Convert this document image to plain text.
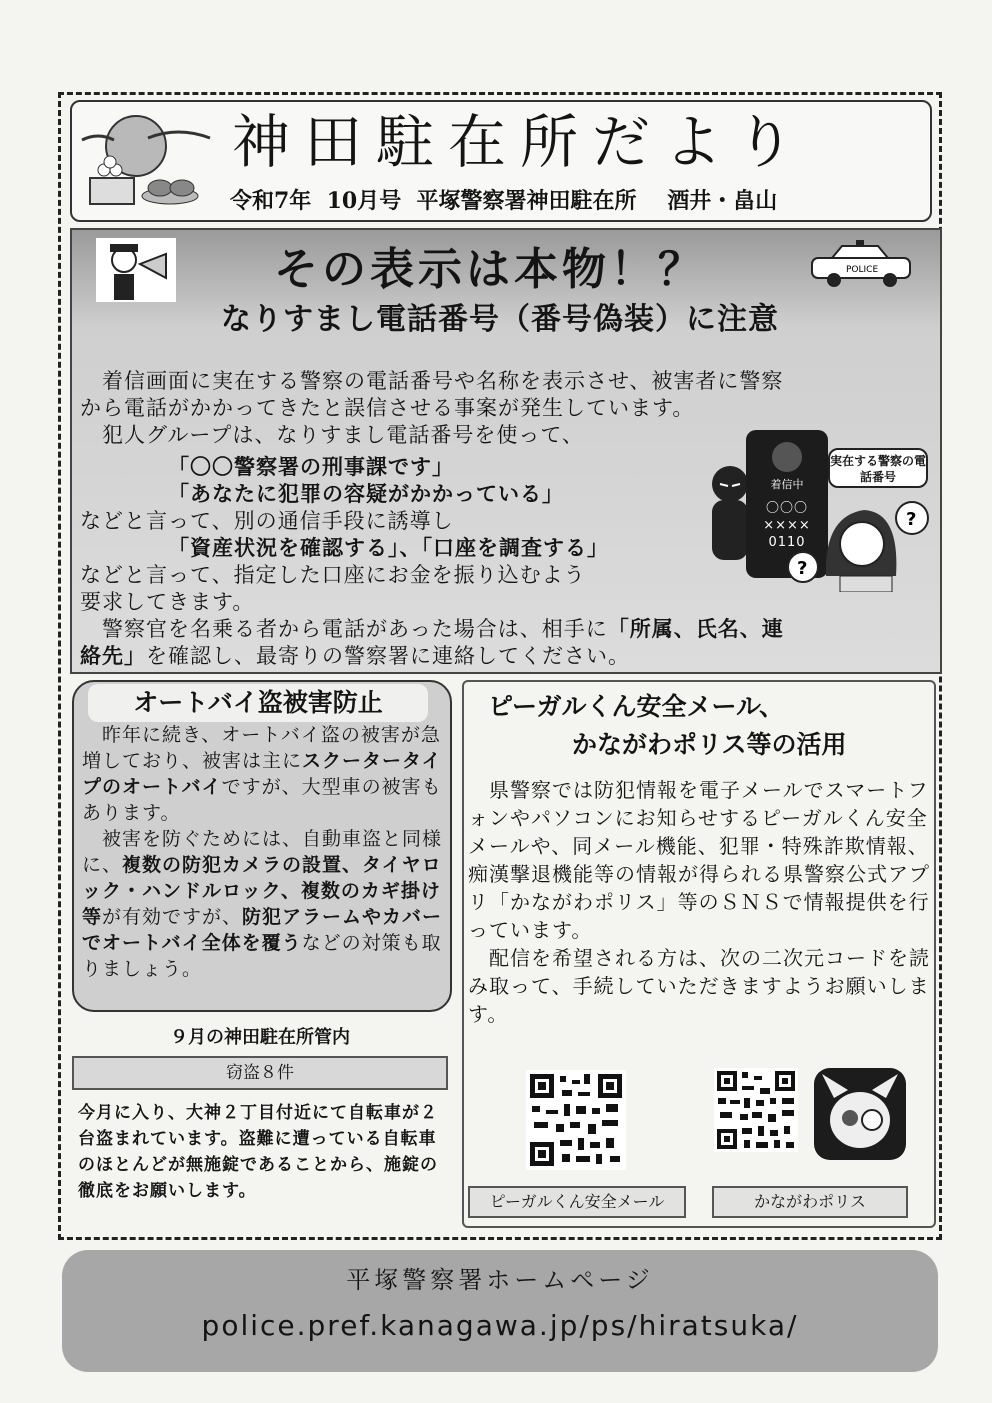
神田駐在所だより
令和7年  10月号  平塚警察署神田駐在所    酒井・畠山
POLICE
その表示は本物！？
なりすまし電話番号（番号偽装）に注意
　着信画面に実在する警察の電話番号や名称を表示させ、被害者に警察
から電話がかかってきたと誤信させる事案が発生しています。
　犯人グループは、なりすまし電話番号を使って、
「〇〇警察署の刑事課です」
「あなたに犯罪の容疑がかかっている」
などと言って、別の通信手段に誘導し
「資産状況を確認する」、「口座を調査する」
などと言って、指定した口座にお金を振り込むよう
要求してきます。
　警察官を名乗る者から電話があった場合は、相手に「所属、氏名、連
絡先」を確認し、最寄りの警察署に連絡してください。
着信中
〇〇〇
××××
0110
実在する警察の電話番号
?
?
オートバイ盗被害防止

　昨年に続き、オートバイ盗の被害が急増しており、被害は主にスクータータイプのオートバイですが、大型車の被害もあります。

　被害を防ぐためには、自動車盗と同様に、複数の防犯カメラの設置、タイヤロック・ハンドルロック、複数のカギ掛け等が有効ですが、防犯アラームやカバーでオートバイ全体を覆うなどの対策も取りましょう。

９月の神田駐在所管内
窃盗８件
今月に入り、大神２丁目付近にて自転車が２台盗まれています。盗難に遭っている自転車のほとんどが無施錠であることから、施錠の徹底をお願いします。
ピーガルくん安全メール、
かながわポリス等の活用

　県警察では防犯情報を電子メールでスマートフォンやパソコンにお知らせするピーガルくん安全メールや、同メール機能、犯罪・特殊詐欺情報、痴漢撃退機能等の情報が得られる県警察公式アプリ「かながわポリス」等のＳＮＳで情報提供を行っています。

　配信を希望される方は、次の二次元コードを読み取って、手続していただきますようお願いします。

ピーガルくん安全メール	かながわポリス
平塚警察署ホームページ
police.pref.kanagawa.jp/ps/hiratsuka/
